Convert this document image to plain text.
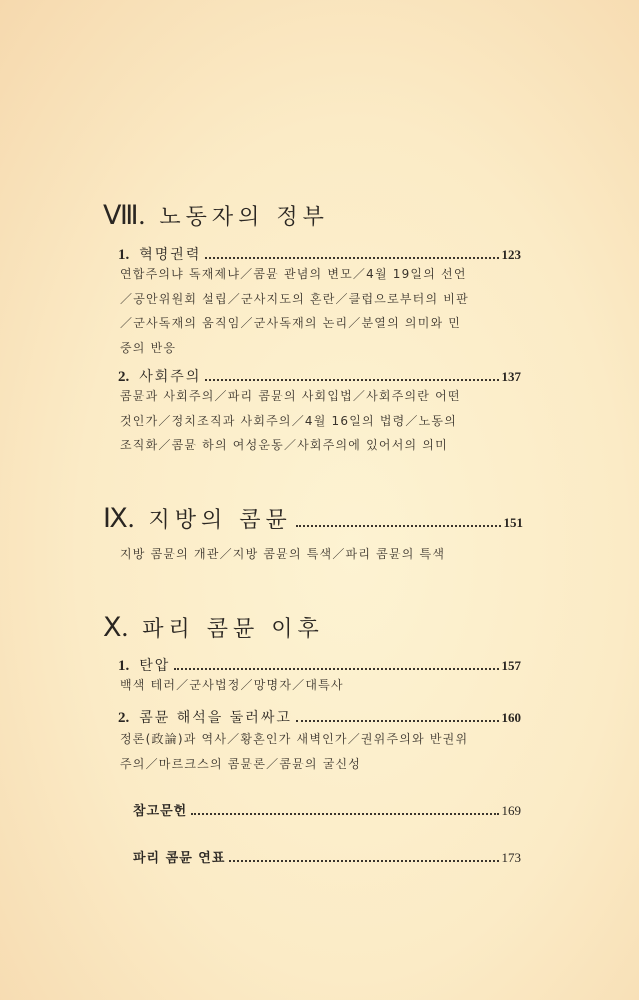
Ⅷ. 노동자의 정부
1. 혁명권력	123
연합주의냐 독재제냐／콤뮨 관념의 변모／4월 19일의 선언／공안위원회 설립／군사지도의 혼란／클럽으로부터의 비판／군사독재의 움직임／군사독재의 논리／분열의 의미와 민중의 반응
2. 사회주의	137
콤뮨과 사회주의／파리 콤뮨의 사회입법／사회주의란 어떤 것인가／정치조직과 사회주의／4월 16일의 법령／노동의 조직화／콤뮨 하의 여성운동／사회주의에 있어서의 의미
Ⅸ. 지방의 콤뮨	151
지방 콤뮨의 개관／지방 콤뮨의 특색／파리 콤뮨의 특색
Ⅹ. 파리 콤뮨 이후
1. 탄압	157
백색 테러／군사법정／망명자／대특사
2. 콤뮨 해석을 둘러싸고	160
정론(政論)과 역사／황혼인가 새벽인가／권위주의와 반권위주의／마르크스의 콤뮨론／콤뮨의 굴신성
참고문헌	169
파리 콤뮨 연표	173
